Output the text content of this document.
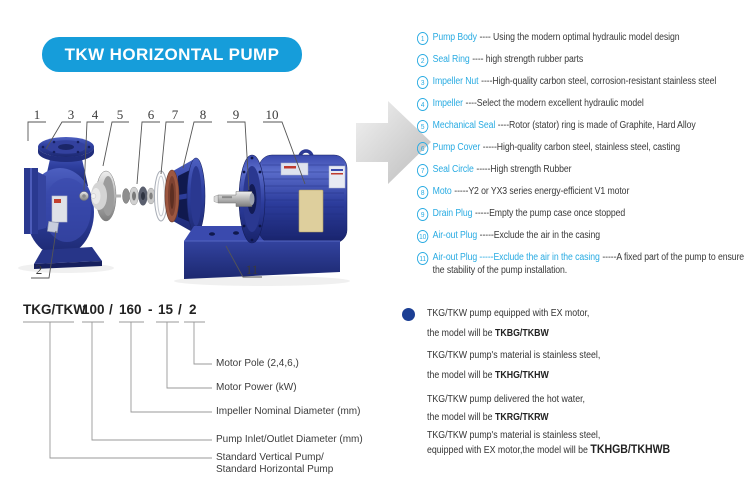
1 3 4 5 6 7 8 9 10
2	11
TKW HORIZONTAL PUMP
1 Pump Body ---- Using the modern optimal hydraulic model design
2 Seal Ring ---- high strength rubber parts
3 Impeller Nut ----High-quality carbon steel, corrosion-resistant stainless steel
4 Impeller ----Select the modern excellent hydraulic model
5 Mechanical Seal ----Rotor (stator) ring is made of Graphite, Hard Alloy
6 Pump Cover -----High-quality carbon steel, stainless steel, casting
7 Seal Circle -----High strength Rubber
8 Moto -----Y2 or YX3 series energy-efficient V1 motor
9 Drain Plug -----Empty the pump case once stopped
10 Air-out Plug -----Exclude the air in the casing
11 Air-out Plug -----Exclude the air in the casing -----A fixed part of the pump to ensure the stability of the pump installation.
TKG/TKW
100 / 160 - 15 / 2
Motor Pole (2,4,6,)
Motor Power (kW)
Impeller Nominal Diameter (mm)
Pump Inlet/Outlet Diameter (mm)
Standard Vertical Pump/
Standard Horizontal Pump
TKG/TKW pump equipped with EX motor,
the model will be TKBG/TKBW
TKG/TKW pump's material is stainless steel,
the model will be TKHG/TKHW
TKG/TKW pump delivered the hot water,
the model will be TKRG/TKRW
TKG/TKW pump's material is stainless steel,
equipped with EX motor,the model will be TKHGB/TKHWB
